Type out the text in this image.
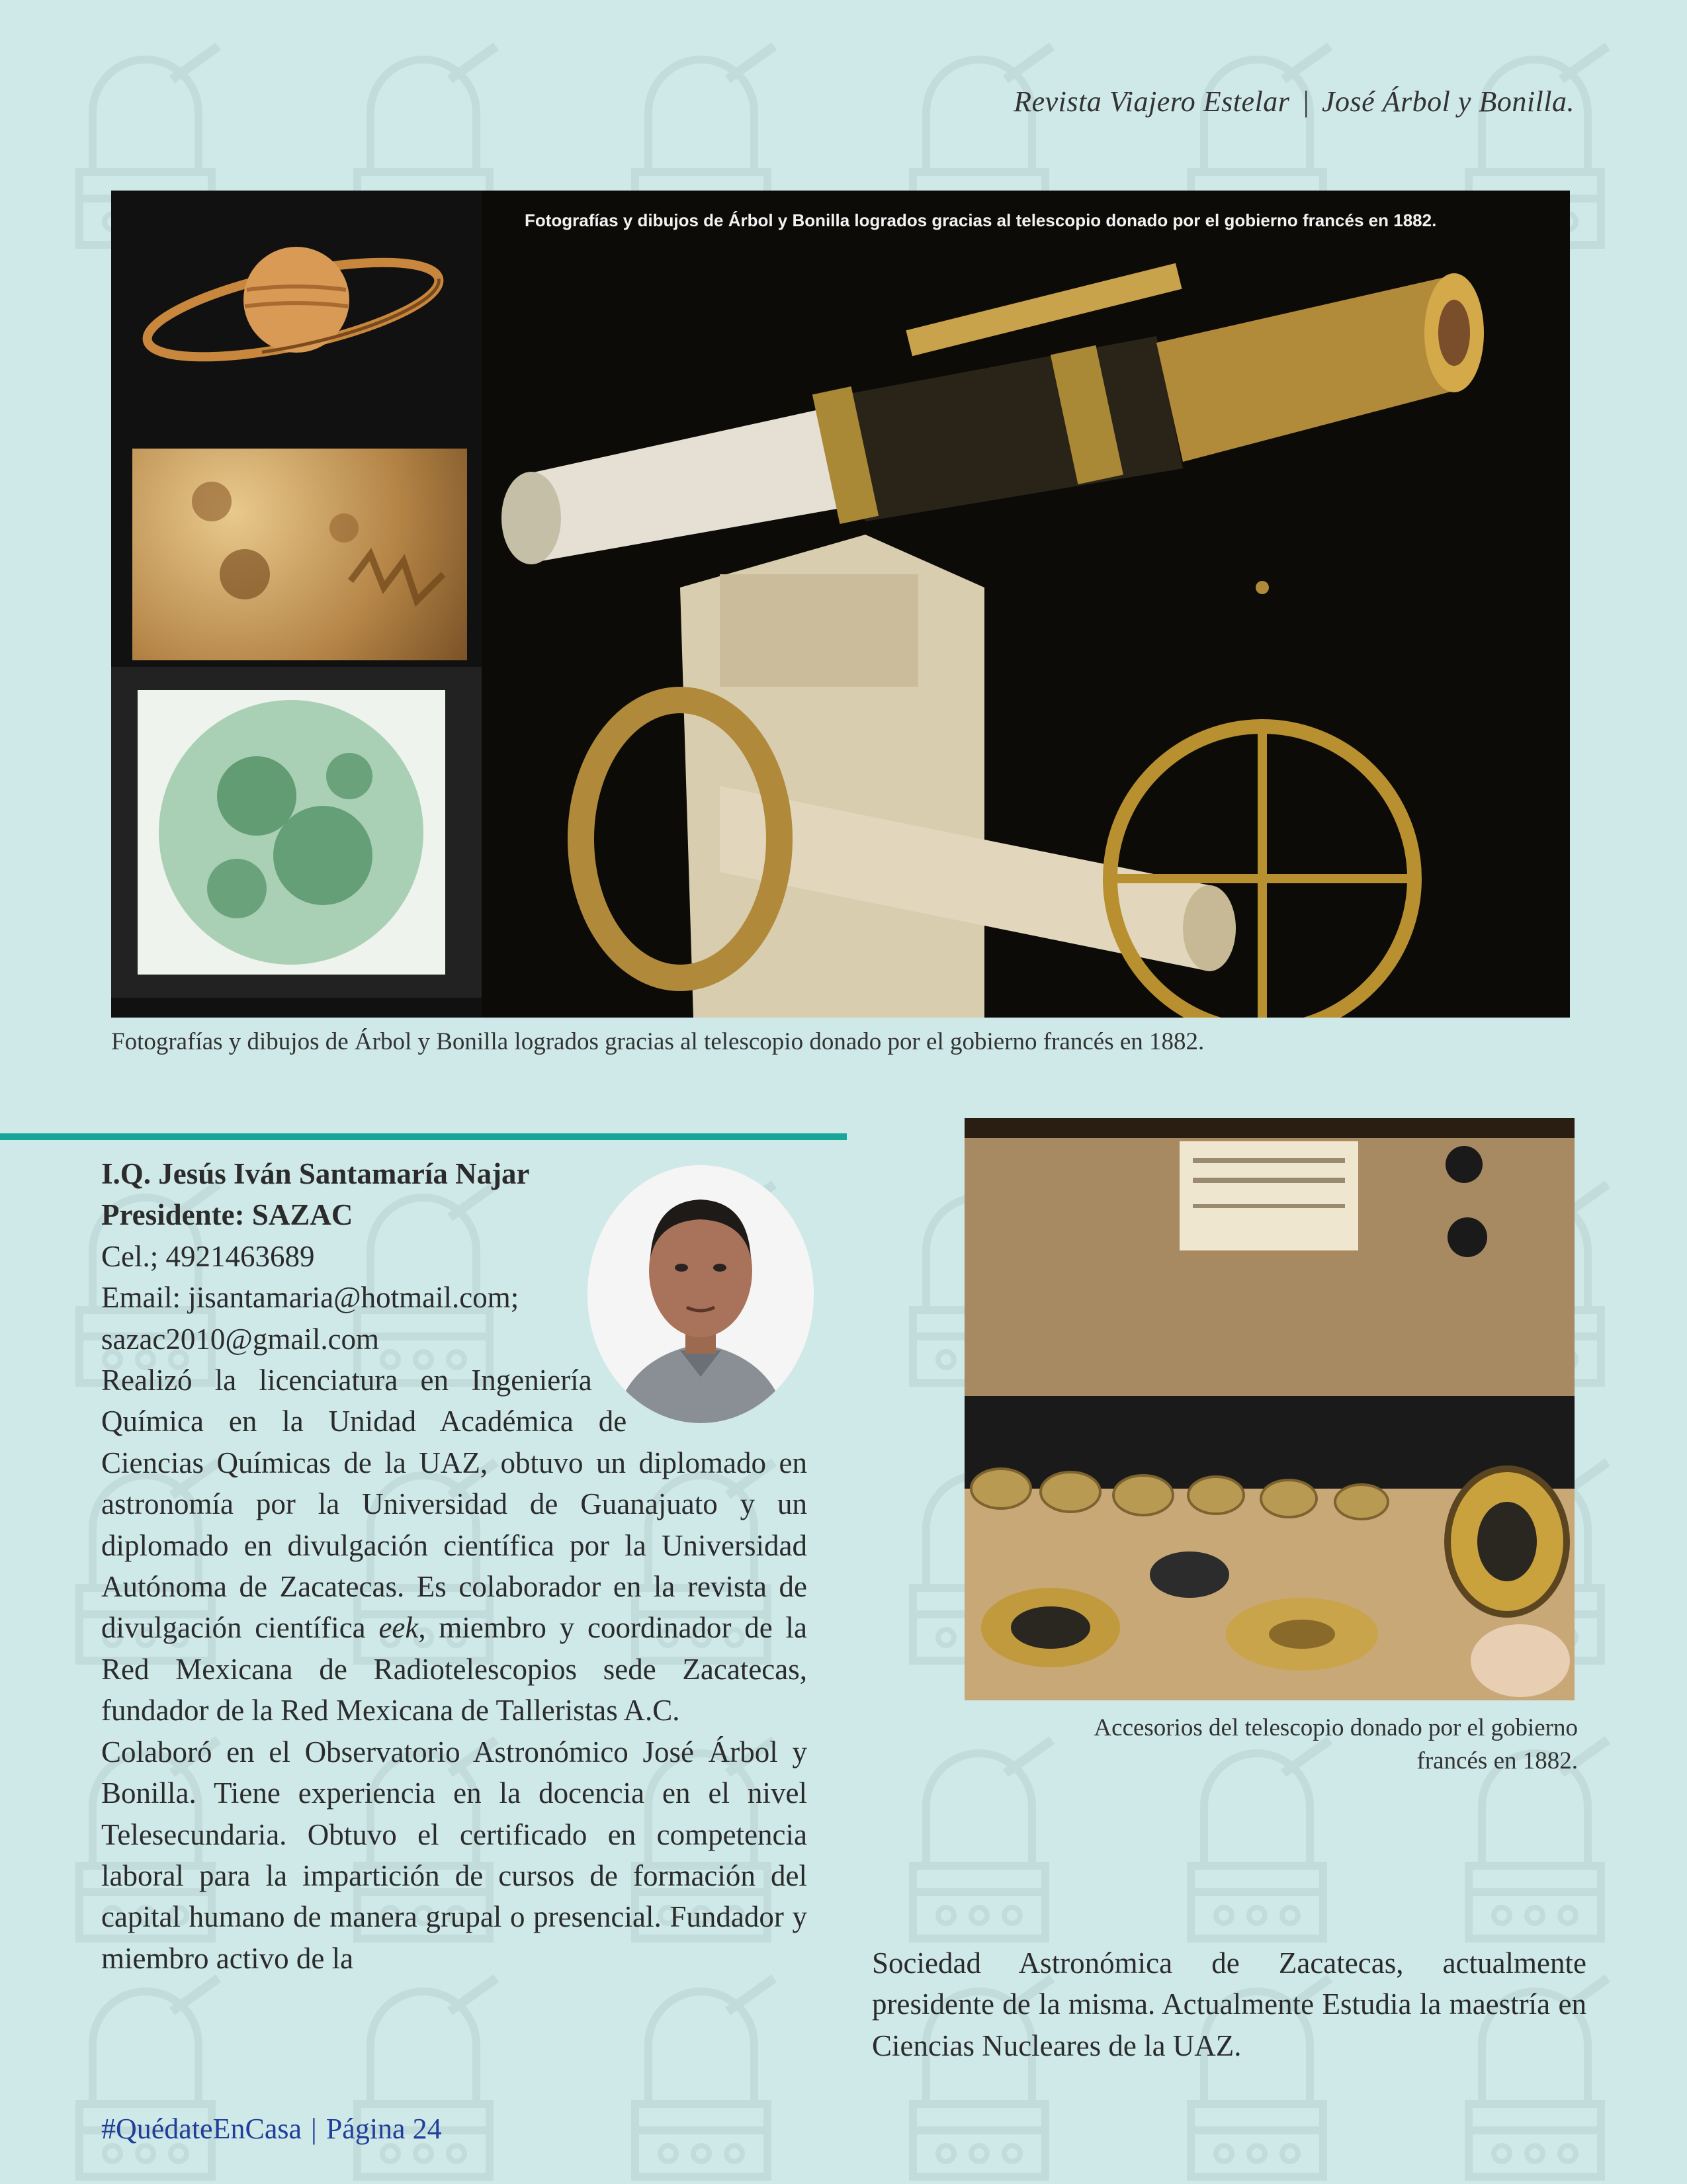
Revista Viajero Estelar | José Árbol y Bonilla.
Fotografías y dibujos de Árbol y Bonilla logrados gracias al telescopio donado por el gobierno francés en 1882.
Fotografías y dibujos de Árbol y Bonilla logrados gracias al telescopio donado por el gobierno francés en 1882.

I.Q. Jesús Iván Santamaría Najar

Presidente: SAZAC

Cel.; 4921463689

Email: jisantamaria@hotmail.com;

sazac2010@gmail.com

Realizó la licenciatura en Ingeniería Química en la Unidad Académica de Ciencias Químicas de la UAZ, obtuvo un diplomado en astronomía por la Universidad de Guanajuato y un diplomado en divulgación científica por la Universidad Autónoma de Zacatecas. Es colaborador en la revista de divulgación científica eek, miembro y coordinador de la Red Mexicana de Radiotelescopios sede Zacatecas, fundador de la Red Mexicana de Talleristas A.C.

Colaboró en el Observatorio Astronómico José Árbol y Bonilla. Tiene experiencia en la docencia en el nivel Telesecundaria. Obtuvo el certificado en competencia laboral para la impartición de cursos de formación del capital humano de manera grupal o presencial. Fundador y miembro activo de la	Sociedad Astronómica de Zacatecas, actualmente presidente de la misma. Actualmente Estudia la maestría en Ciencias Nucleares de la UAZ.
Accesorios del telescopio donado por el gobierno
francés en 1882.
#QuédateEnCasa | Página 24
